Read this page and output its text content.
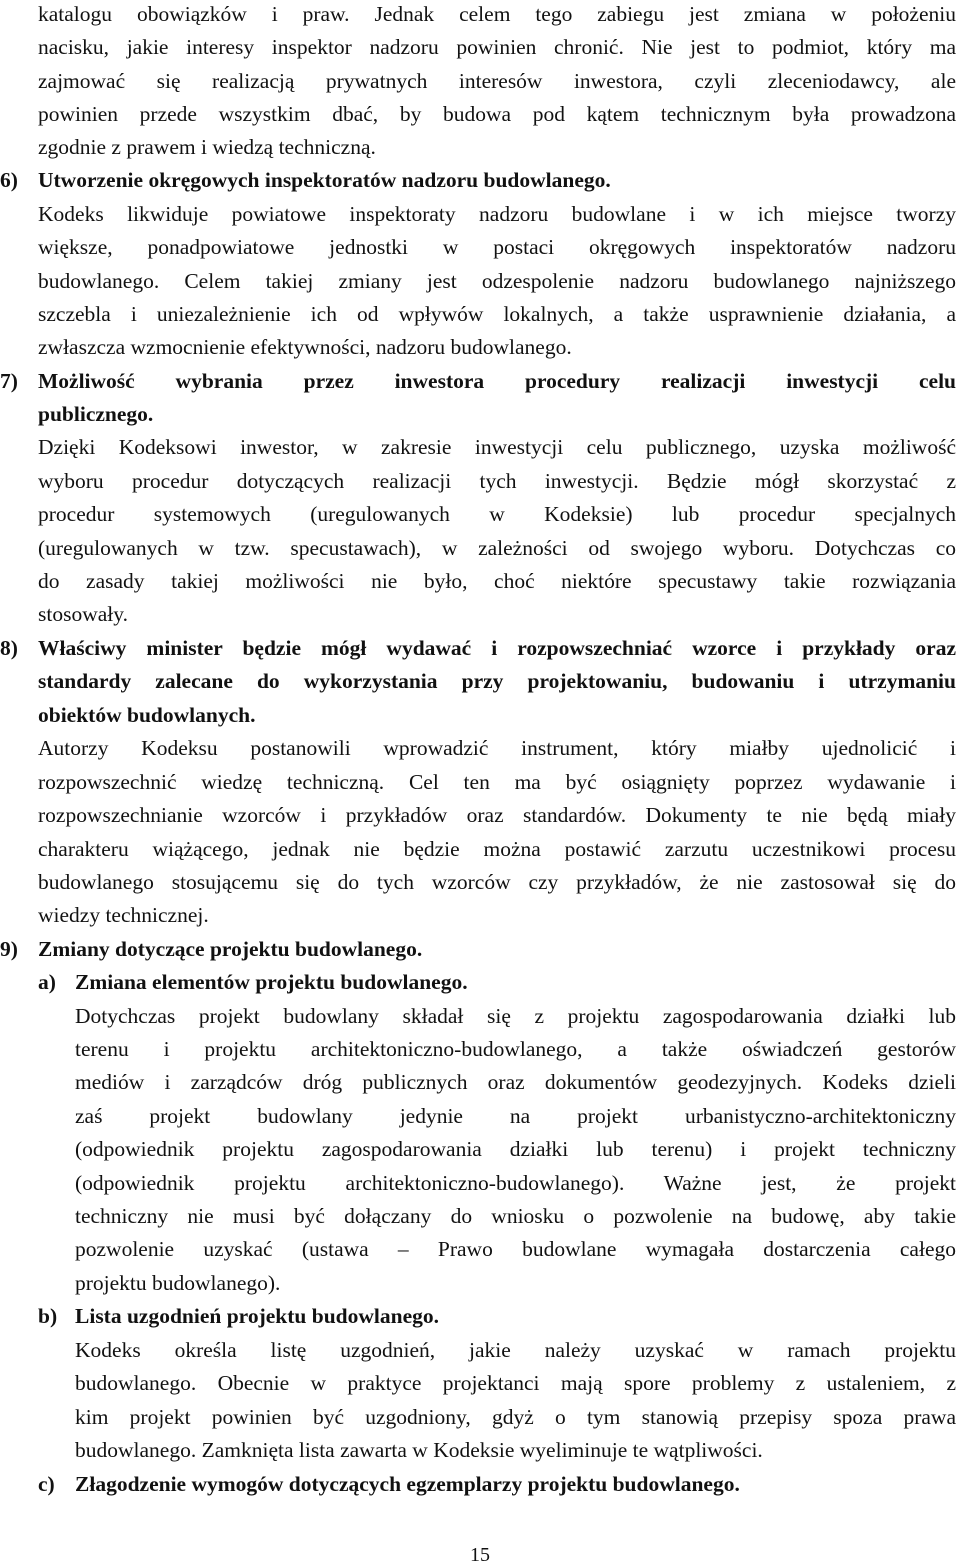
katalogu obowiązków i praw. Jednak celem tego zabiegu jest zmiana w położeniu
nacisku, jakie interesy inspektor nadzoru powinien chronić. Nie jest to podmiot, który ma
zajmować się realizacją prywatnych interesów inwestora, czyli zleceniodawcy, ale
powinien przede wszystkim dbać, by budowa pod kątem technicznym była prowadzona
zgodnie z prawem i wiedzą techniczną.
6) Utworzenie okręgowych inspektoratów nadzoru budowlanego.
Kodeks likwiduje powiatowe inspektoraty nadzoru budowlane i w ich miejsce tworzy
większe, ponadpowiatowe jednostki w postaci okręgowych inspektoratów nadzoru
budowlanego. Celem takiej zmiany jest odzespolenie nadzoru budowlanego najniższego
szczebla i uniezależnienie ich od wpływów lokalnych, a także usprawnienie działania, a
zwłaszcza wzmocnienie efektywności, nadzoru budowlanego.
7) Możliwość wybrania przez inwestora procedury realizacji inwestycji celu
publicznego.
Dzięki Kodeksowi inwestor, w zakresie inwestycji celu publicznego, uzyska możliwość
wyboru procedur dotyczących realizacji tych inwestycji. Będzie mógł skorzystać z
procedur systemowych (uregulowanych w Kodeksie) lub procedur specjalnych
(uregulowanych w tzw. specustawach), w zależności od swojego wyboru. Dotychczas co
do zasady takiej możliwości nie było, choć niektóre specustawy takie rozwiązania
stosowały.
8) Właściwy minister będzie mógł wydawać i rozpowszechniać wzorce i przykłady oraz
standardy zalecane do wykorzystania przy projektowaniu, budowaniu i utrzymaniu
obiektów budowlanych.
Autorzy Kodeksu postanowili wprowadzić instrument, który miałby ujednolicić i
rozpowszechnić wiedzę techniczną. Cel ten ma być osiągnięty poprzez wydawanie i
rozpowszechnianie wzorców i przykładów oraz standardów. Dokumenty te nie będą miały
charakteru wiążącego, jednak nie będzie można postawić zarzutu uczestnikowi procesu
budowlanego stosującemu się do tych wzorców czy przykładów, że nie zastosował się do
wiedzy technicznej.
9) Zmiany dotyczące projektu budowlanego.
a) Zmiana elementów projektu budowlanego.
Dotychczas projekt budowlany składał się z projektu zagospodarowania działki lub
terenu i projektu architektoniczno-budowlanego, a także oświadczeń gestorów
mediów i zarządców dróg publicznych oraz dokumentów geodezyjnych. Kodeks dzieli
zaś projekt budowlany jedynie na projekt urbanistyczno-architektoniczny
(odpowiednik projektu zagospodarowania działki lub terenu) i projekt techniczny
(odpowiednik projektu architektoniczno-budowlanego). Ważne jest, że projekt
techniczny nie musi być dołączany do wniosku o pozwolenie na budowę, aby takie
pozwolenie uzyskać (ustawa – Prawo budowlane wymagała dostarczenia całego
projektu budowlanego).
b) Lista uzgodnień projektu budowlanego.
Kodeks określa listę uzgodnień, jakie należy uzyskać w ramach projektu
budowlanego. Obecnie w praktyce projektanci mają spore problemy z ustaleniem, z
kim projekt powinien być uzgodniony, gdyż o tym stanowią przepisy spoza prawa
budowlanego. Zamknięta lista zawarta w Kodeksie wyeliminuje te wątpliwości.
c) Złagodzenie wymogów dotyczących egzemplarzy projektu budowlanego.
15
